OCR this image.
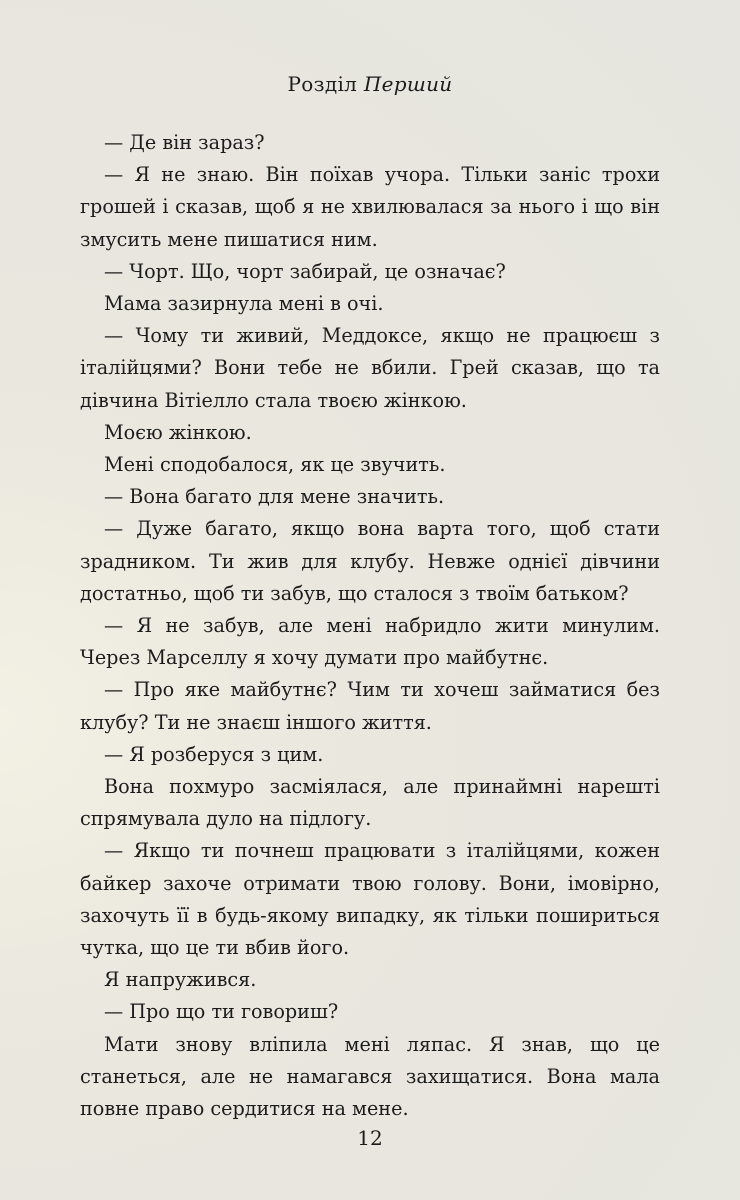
Розділ Перший

— Де він зараз?

— Я не знаю. Він поїхав учора. Тільки заніс трохи грошей і сказав, щоб я не хвилювалася за нього і що він змусить мене пишатися ним.

— Чорт. Що, чорт забирай, це означає?

Мама зазирнула мені в очі.

— Чому ти живий, Меддоксе, якщо не працюєш з італійцями? Вони тебе не вбили. Грей сказав, що та дівчина Вітіелло стала твоєю жінкою.

Моєю жінкою.

Мені сподобалося, як це звучить.

— Вона багато для мене значить.

— Дуже багато, якщо вона варта того, щоб стати зрадником. Ти жив для клубу. Невже однієї дівчини достатньо, щоб ти забув, що сталося з твоїм батьком?

— Я не забув, але мені набридло жити минулим. Через Марселлу я хочу думати про майбутнє.

— Про яке майбутнє? Чим ти хочеш займатися без клубу? Ти не знаєш іншого життя.

— Я розберуся з цим.

Вона похмуро засміялася, але принаймні нарешті спрямувала дуло на підлогу.

— Якщо ти почнеш працювати з італійцями, кожен байкер захоче отримати твою голову. Вони, імовірно, захочуть її в будь-якому випадку, як тільки пошириться чутка, що це ти вбив його.

Я напружився.

— Про що ти говориш?

Мати знову вліпила мені ляпас. Я знав, що це станеться, але не намагався захищатися. Вона мала повне право сердитися на мене.

12
